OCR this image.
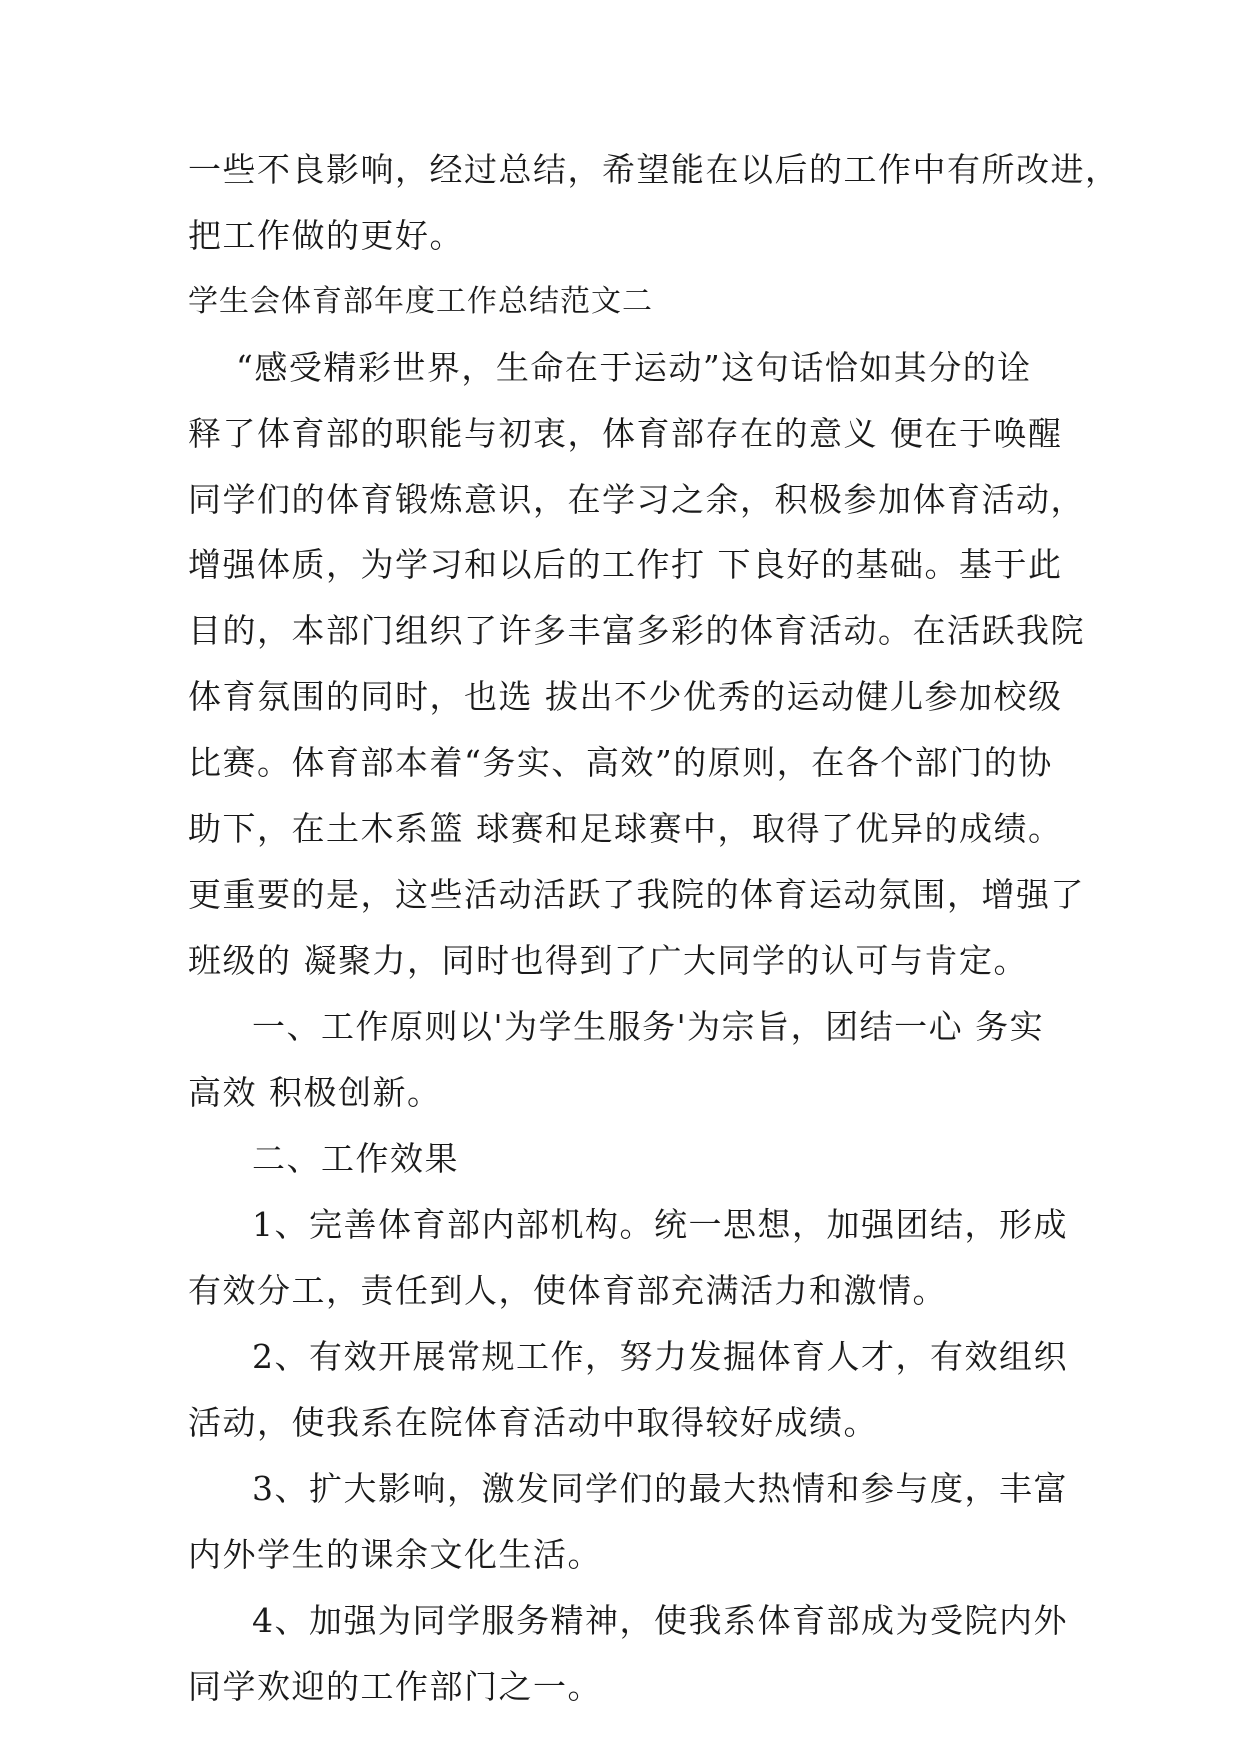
一些不良影响，经过总结，希望能在以后的工作中有所改进，
把工作做的更好。
学生会体育部年度工作总结范文二
“感受精彩世界，生命在于运动”这句话恰如其分的诠
释了体育部的职能与初衷，体育部存在的意义 便在于唤醒
同学们的体育锻炼意识，在学习之余，积极参加体育活动，
增强体质，为学习和以后的工作打 下良好的基础。基于此
目的，本部门组织了许多丰富多彩的体育活动。在活跃我院
体育氛围的同时，也选 拔出不少优秀的运动健儿参加校级
比赛。体育部本着“务实、高效”的原则，在各个部门的协
助下，在土木系篮 球赛和足球赛中，取得了优异的成绩。
更重要的是，这些活动活跃了我院的体育运动氛围，增强了
班级的 凝聚力，同时也得到了广大同学的认可与肯定。
一、工作原则以'为学生服务'为宗旨，团结一心 务实
高效 积极创新。
二、工作效果
1、完善体育部内部机构。统一思想，加强团结，形成
有效分工，责任到人，使体育部充满活力和激情。
2、有效开展常规工作，努力发掘体育人才，有效组织
活动，使我系在院体育活动中取得较好成绩。
3、扩大影响，激发同学们的最大热情和参与度，丰富
内外学生的课余文化生活。
4、加强为同学服务精神，使我系体育部成为受院内外
同学欢迎的工作部门之一。
